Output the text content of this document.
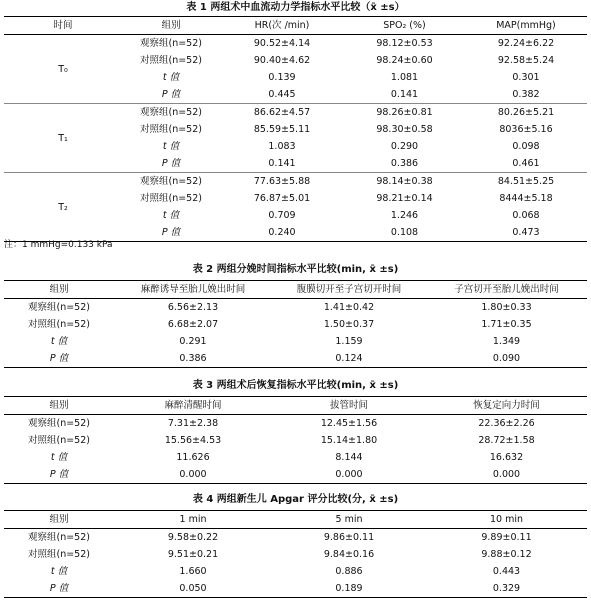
表 1 两组术中血流动力学指标水平比较（x̄ ±s）
时间	组别	HR(次 /min)	SPO₂ (%)	MAP(mmHg)
T₀	观察组(n=52)	90.52±4.14	98.12±0.53	92.24±6.22
	对照组(n=52)	90.40±4.62	98.24±0.60	92.58±5.24
	t 值	0.139	1.081	0.301
	P 值	0.445	0.141	0.382
T₁	观察组(n=52)	86.62±4.57	98.26±0.81	80.26±5.21
	对照组(n=52)	85.59±5.11	98.30±0.58	8036±5.16
	t 值	1.083	0.290	0.098
	P 值	0.141	0.386	0.461
T₂	观察组(n=52)	77.63±5.88	98.14±0.38	84.51±5.25
	对照组(n=52)	76.87±5.01	98.21±0.14	8444±5.18
	t 值	0.709	1.246	0.068
	P 值	0.240	0.108	0.473
注：1 mmHg=0.133 kPa
表 2 两组分娩时间指标水平比较(min, x̄ ±s)
组别	麻醉诱导至胎儿娩出时间	腹膜切开至子宫切开时间	子宫切开至胎儿娩出时间
观察组(n=52)	6.56±2.13	1.41±0.42	1.80±0.33
对照组(n=52)	6.68±2.07	1.50±0.37	1.71±0.35
t 值	0.291	1.159	1.349
P 值	0.386	0.124	0.090
表 3 两组术后恢复指标水平比较(min, x̄ ±s)
组别	麻醉清醒时间	拔管时间	恢复定向力时间
观察组(n=52)	7.31±2.38	12.45±1.56	22.36±2.26
对照组(n=52)	15.56±4.53	15.14±1.80	28.72±1.58
t 值	11.626	8.144	16.632
P 值	0.000	0.000	0.000
表 4 两组新生儿 Apgar 评分比较(分, x̄ ±s)
组别	1 min	5 min	10 min
观察组(n=52)	9.58±0.22	9.86±0.11	9.89±0.11
对照组(n=52)	9.51±0.21	9.84±0.16	9.88±0.12
t 值	1.660	0.886	0.443
P 值	0.050	0.189	0.329
